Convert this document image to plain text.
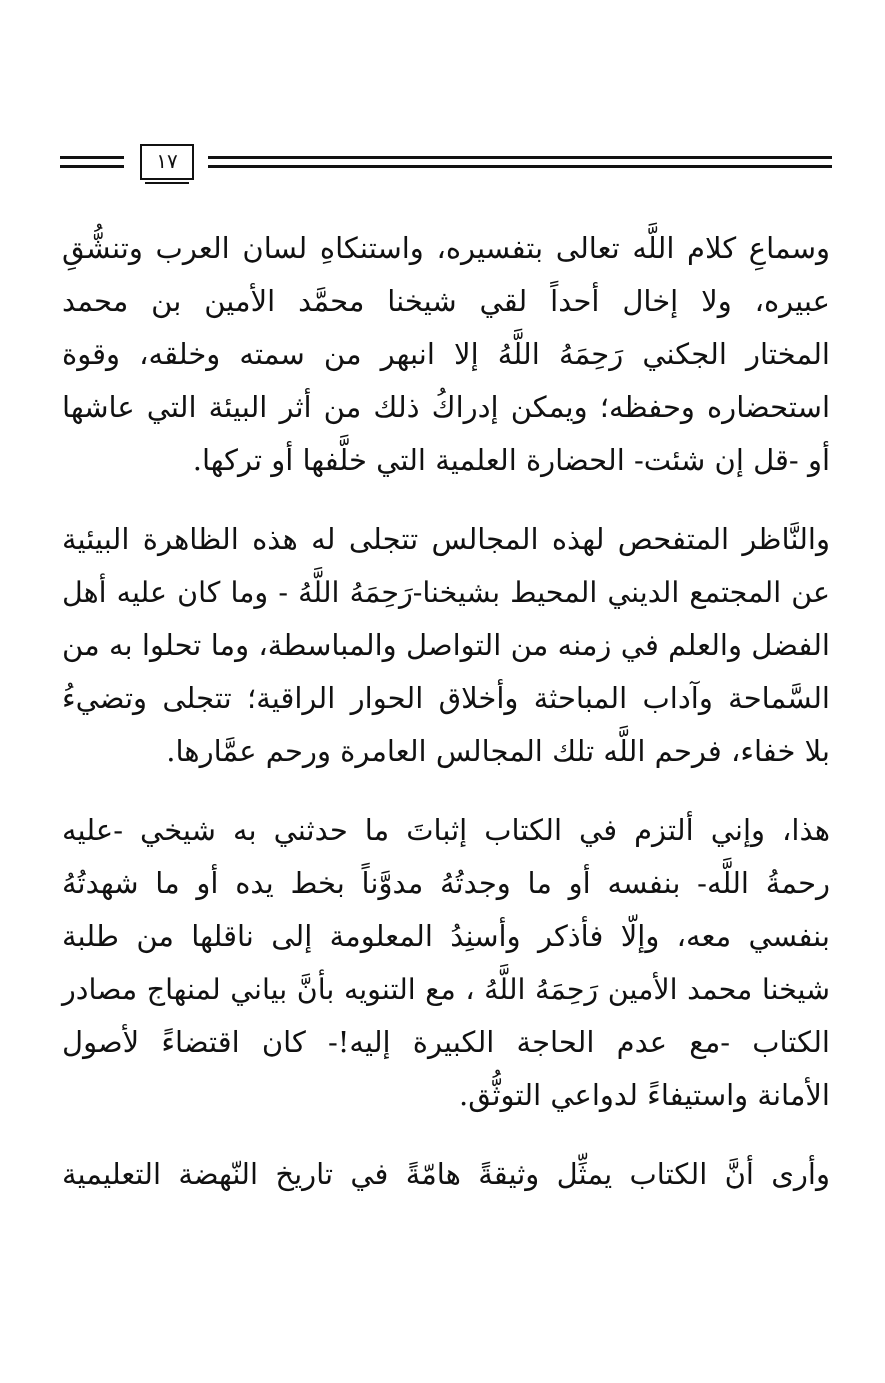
١٧

وسماعِ كلام اللَّه تعالى بتفسيره، واستنكاهِ لسان العرب وتنشُّقِ
عبيره، ولا إخال أحداً لقي شيخنا محمَّد الأمين بن محمد
المختار الجكني رَحِمَهُ اللَّهُ إلا انبهر من سمته وخلقه، وقوة
استحضاره وحفظه؛ ويمكن إدراكُ ذلك من أثر البيئة التي عاشها
أو -قل إن شئت- الحضارة العلمية التي خلَّفها أو تركها.

والنَّاظر المتفحص لهذه المجالس تتجلى له هذه الظاهرة البيئية
عن المجتمع الديني المحيط بشيخنا-رَحِمَهُ اللَّهُ - وما كان عليه أهل
الفضل والعلم في زمنه من التواصل والمباسطة، وما تحلوا به من
السَّماحة وآداب المباحثة وأخلاق الحوار الراقية؛ تتجلى وتضيءُ
بلا خفاء، فرحم اللَّه تلك المجالس العامرة ورحم عمَّارها.

هذا، وإني ألتزم في الكتاب إثباتَ ما حدثني به شيخي -عليه
رحمةُ اللَّه- بنفسه أو ما وجدتُهُ مدوَّناً بخط يده أو ما شهدتُهُ
بنفسي معه، وإلّا فأذكر وأسنِدُ المعلومة إلى ناقلها من طلبة
شيخنا محمد الأمين رَحِمَهُ اللَّهُ ، مع التنويه بأنَّ بياني لمنهاج مصادر
الكتاب -مع عدم الحاجة الكبيرة إليه!- كان اقتضاءً لأصول
الأمانة واستيفاءً لدواعي التوثُّق.

وأرى أنَّ الكتاب يمثِّل وثيقةً هامّةً في تاريخ النّهضة التعليمية
